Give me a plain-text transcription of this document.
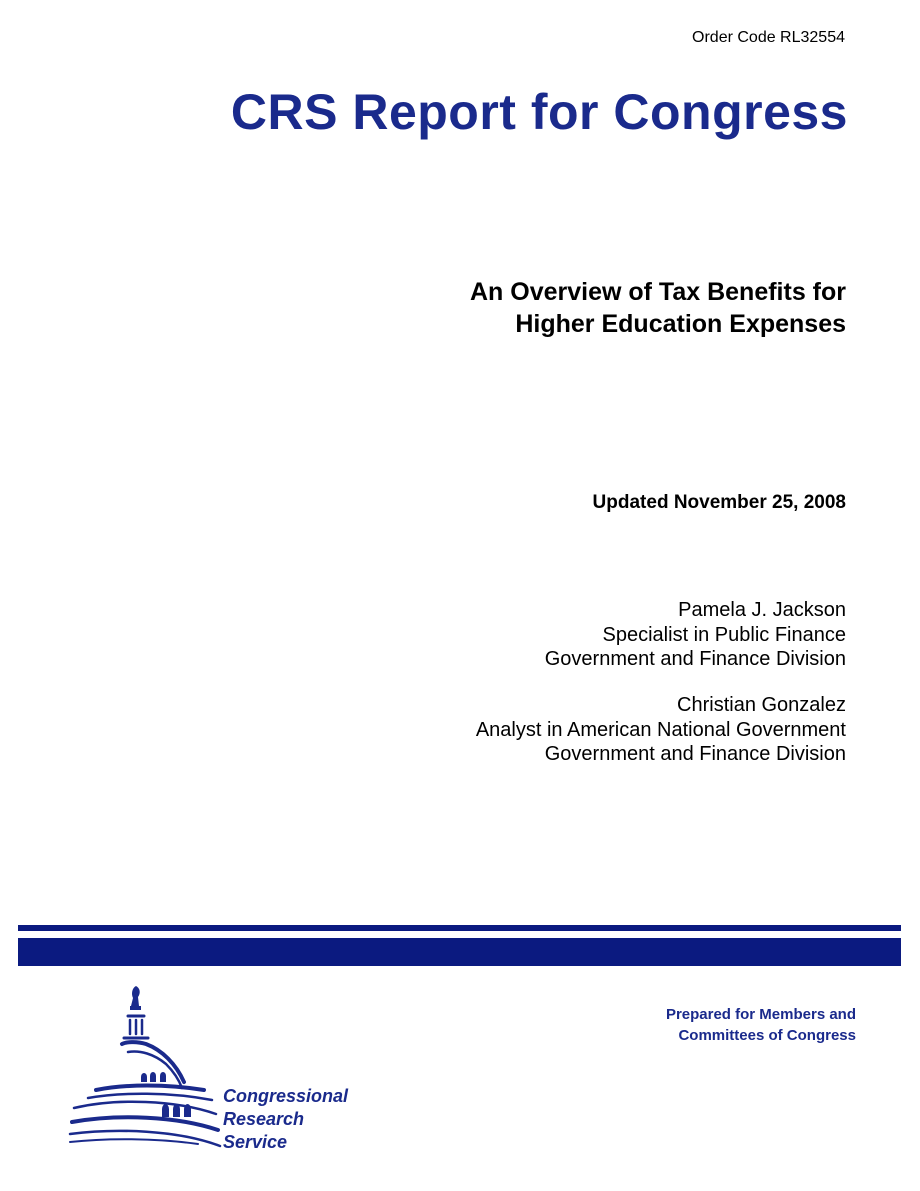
Order Code RL32554
CRS Report for Congress
An Overview of Tax Benefits for
Higher Education Expenses
Updated November 25, 2008
Pamela J. Jackson
Specialist in Public Finance
Government and Finance Division
Christian Gonzalez
Analyst in American National Government
Government and Finance Division
Prepared for Members and
Committees of Congress
Congressional
Research
Service
